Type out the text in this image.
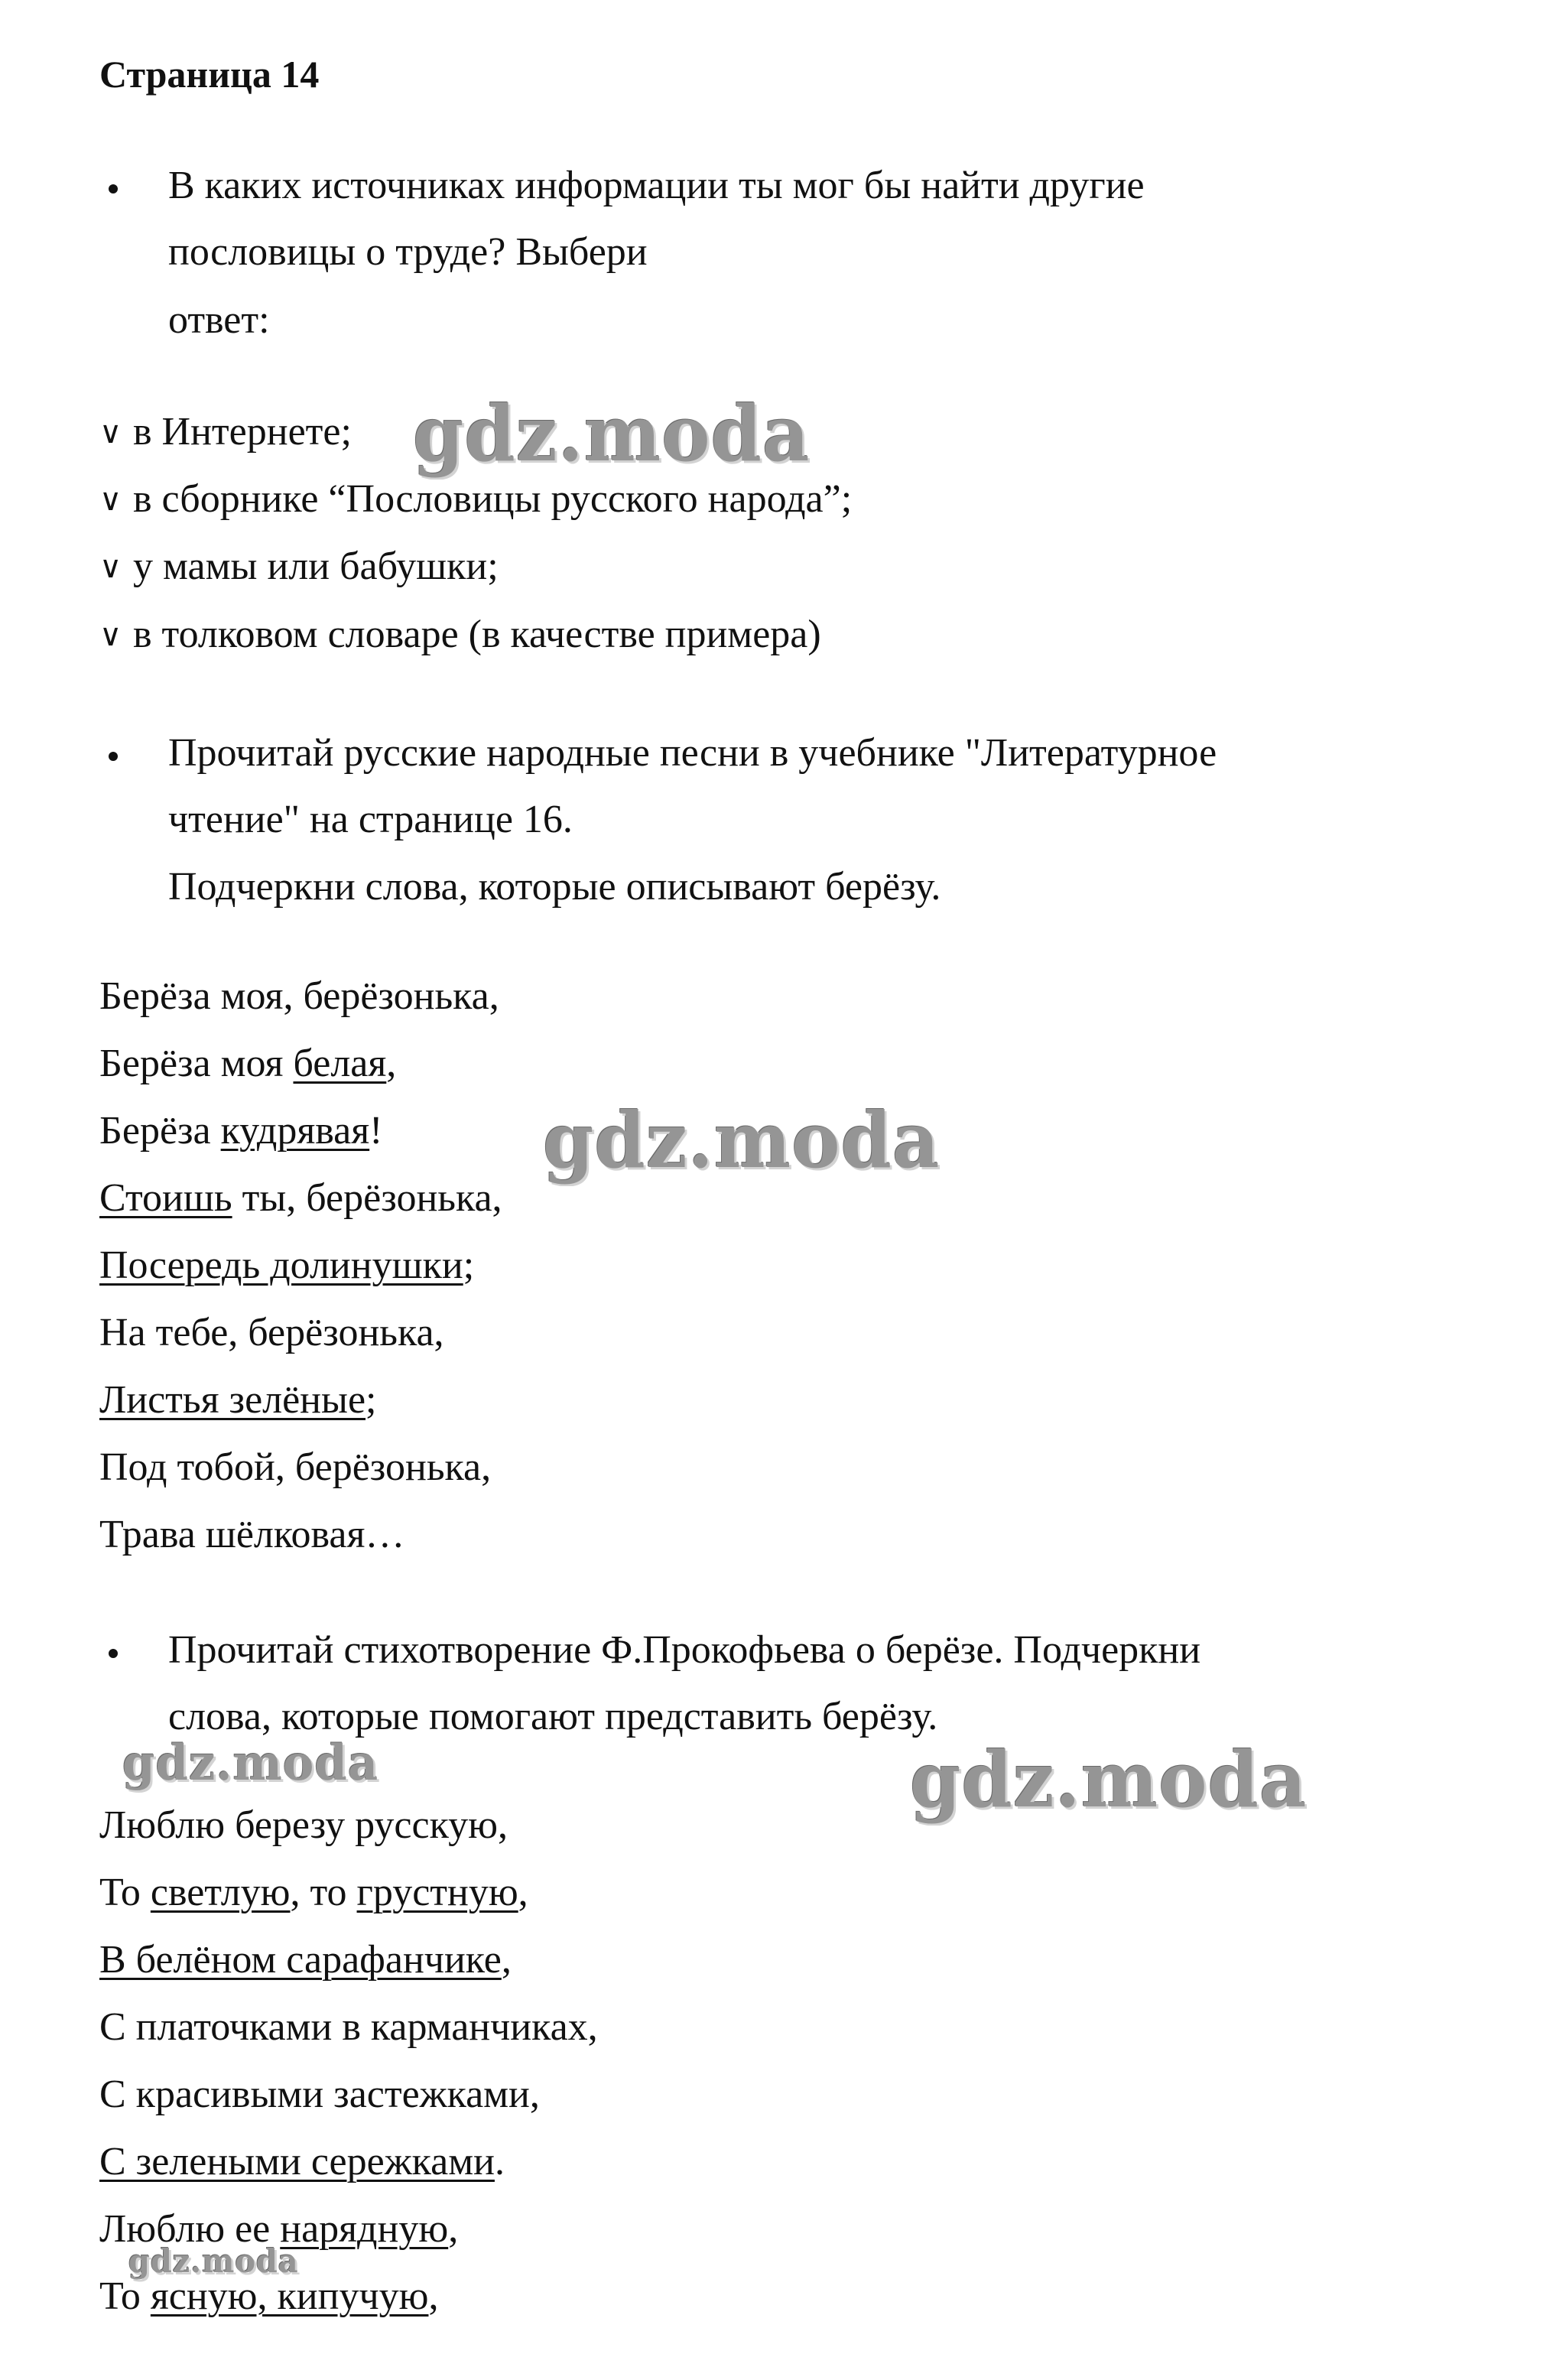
Страница 14
В каких источниках информации ты мог бы найти другие
пословицы о труде? Выбери
ответ:
∨ в Интернете;
∨ в сборнике “Пословицы русского народа”;
∨ у мамы или бабушки;
∨ в толковом словаре (в качестве примера)
Прочитай русские народные песни в учебнике "Литературное
чтение" на странице 16.
Подчеркни слова, которые описывают берёзу.
Берёза моя, берёзонька,
Берёза моя белая,
Берёза кудрявая!
Стоишь ты, берёзонька,
Посередь долинушки;
На тебе, берёзонька,
Листья зелёные;
Под тобой, берёзонька,
Трава шёлковая…
Прочитай стихотворение Ф.Прокофьева о берёзе. Подчеркни
слова, которые помогают представить берёзу.
Люблю березу русскую,
То светлую, то грустную,
В белёном сарафанчике,
С платочками в карманчиках,
С красивыми застежками,
С зелеными сережками.
Люблю ее нарядную,
То ясную, кипучую,
gdz.moda
gdz.moda
gdz.moda
gdz.moda
gdz.moda
